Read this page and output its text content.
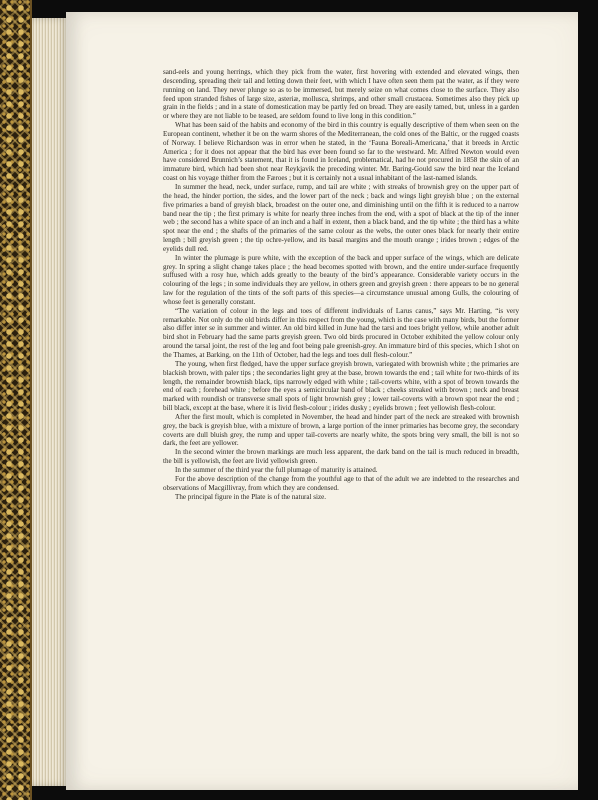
sand-eels and young herrings, which they pick from the water, first hovering with extended and elevated wings, then descending, spreading their tail and letting down their feet, with which I have often seen them pat the water, as if they were running on land. They never plunge so as to be immersed, but merely seize on what comes close to the surface. They also feed upon stranded fishes of large size, asteriæ, mollusca, shrimps, and other small crustacea. Sometimes also they pick up grain in the fields ; and in a state of domestication may be partly fed on bread. They are easily tamed, but, unless in a garden or where they are not liable to be teased, are seldom found to live long in this condition.”

What has been said of the habits and economy of the bird in this country is equally descriptive of them when seen on the European continent, whether it be on the warm shores of the Mediterranean, the cold ones of the Baltic, or the rugged coasts of Norway. I believe Richardson was in error when he stated, in the ‘Fauna Boreali-Americana,’ that it breeds in Arctic America ; for it does not appear that the bird has ever been found so far to the westward. Mr. Alfred Newton would even have considered Brunnich’s statement, that it is found in Iceland, problematical, had he not procured in 1858 the skin of an immature bird, which had been shot near Reykjavik the preceding winter. Mr. Baring-Gould saw the bird near the Iceland coast on his voyage thither from the Færoes ; but it is certainly not a usual inhabitant of the last-named islands.

In summer the head, neck, under surface, rump, and tail are white ; with streaks of brownish grey on the upper part of the head, the hinder portion, the sides, and the lower part of the neck ; back and wings light greyish blue ; on the external five primaries a band of greyish black, broadest on the outer one, and diminishing until on the fifth it is reduced to a narrow band near the tip ; the first primary is white for nearly three inches from the end, with a spot of black at the tip of the inner web ; the second has a white space of an inch and a half in extent, then a black band, and the tip white ; the third has a white spot near the end ; the shafts of the primaries of the same colour as the webs, the outer ones black for nearly their entire length ; bill greyish green ; the tip ochre-yellow, and its basal margins and the mouth orange ; irides brown ; edges of the eyelids dull red.

In winter the plumage is pure white, with the exception of the back and upper surface of the wings, which are delicate grey. In spring a slight change takes place ; the head becomes spotted with brown, and the entire under-surface frequently suffused with a rosy hue, which adds greatly to the beauty of the bird’s appearance. Considerable variety occurs in the colouring of the legs ; in some individuals they are yellow, in others green and greyish green : there appears to be no general law for the regulation of the tints of the soft parts of this species—a circumstance unusual among Gulls, the colouring of whose feet is generally constant.

“The variation of colour in the legs and toes of different individuals of Larus canus,” says Mr. Harting, “is very remarkable. Not only do the old birds differ in this respect from the young, which is the case with many birds, but the former also differ inter se in summer and winter. An old bird killed in June had the tarsi and toes bright yellow, while another adult bird shot in February had the same parts greyish green. Two old birds procured in October exhibited the yellow colour only around the tarsal joint, the rest of the leg and foot being pale greenish-grey. An immature bird of this species, which I shot on the Thames, at Barking, on the 11th of October, had the legs and toes dull flesh-colour.”

The young, when first fledged, have the upper surface greyish brown, variegated with brownish white ; the primaries are blackish brown, with paler tips ; the secondaries light grey at the base, brown towards the end ; tail white for two-thirds of its length, the remainder brownish black, tips narrowly edged with white ; tail-coverts white, with a spot of brown towards the end of each ; forehead white ; before the eyes a semicircular band of black ; cheeks streaked with brown ; neck and breast marked with roundish or transverse small spots of light brownish grey ; lower tail-coverts with a brown spot near the end ; bill black, except at the base, where it is livid flesh-colour ; irides dusky ; eyelids brown ; feet yellowish flesh-colour.

After the first moult, which is completed in November, the head and hinder part of the neck are streaked with brownish grey, the back is greyish blue, with a mixture of brown, a large portion of the inner primaries has become grey, the secondary coverts are dull bluish grey, the rump and upper tail-coverts are nearly white, the spots bring very small, the bill is not so dark, the feet are yellower.

In the second winter the brown markings are much less apparent, the dark band on the tail is much reduced in breadth, the bill is yellowish, the feet are livid yellowish green.

In the summer of the third year the full plumage of maturity is attained.

For the above description of the change from the youthful age to that of the adult we are indebted to the researches and observations of Macgillivray, from which they are condensed.

The principal figure in the Plate is of the natural size.
